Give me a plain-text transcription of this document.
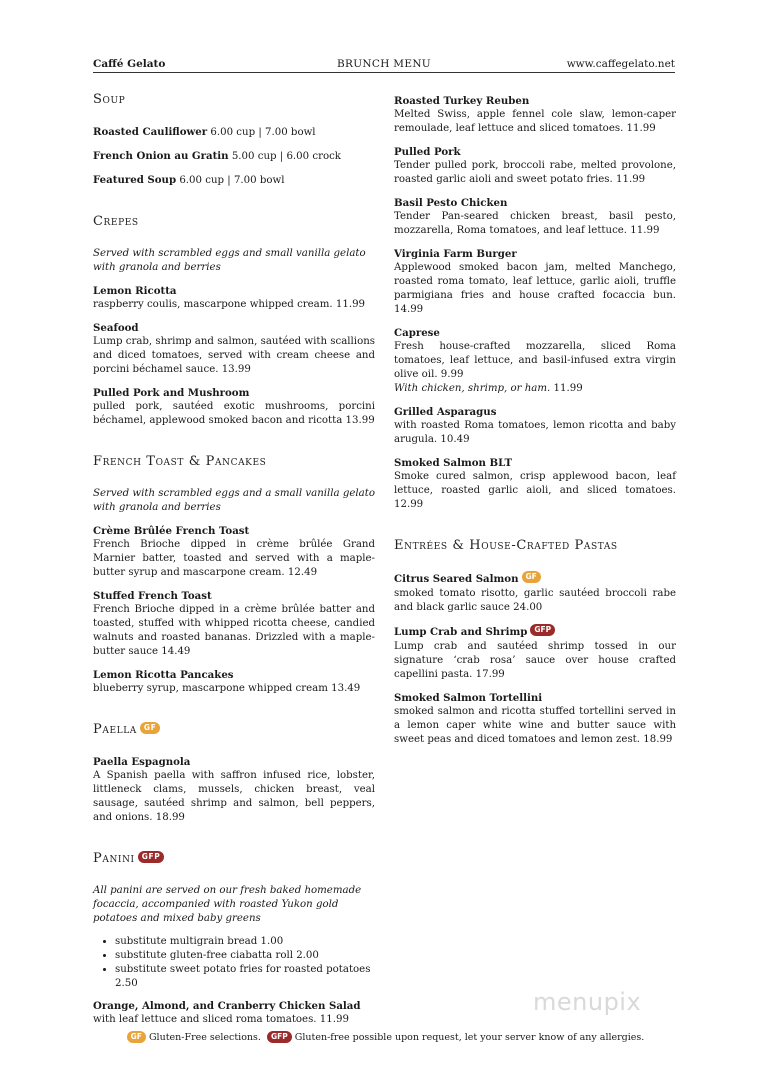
Caffé Gelato	BRUNCH MENU	www.caffegelato.net
Soup
Roasted Cauliflower 6.00 cup | 7.00 bowl
French Onion au Gratin 5.00 cup | 6.00 crock
Featured Soup 6.00 cup | 7.00 bowl
Crepes
Served with scrambled eggs and small vanilla gelato with granola and berries
Lemon Ricotta
raspberry coulis, mascarpone whipped cream. 11.99
Seafood
Lump crab, shrimp and salmon, sautéed with scallions and diced tomatoes, served with cream cheese and porcini béchamel sauce. 13.99
Pulled Pork and Mushroom
pulled pork, sautéed exotic mushrooms, porcini béchamel, applewood smoked bacon and ricotta 13.99
French Toast & Pancakes
Served with scrambled eggs and a small vanilla gelato with granola and berries
Crème Brûlée French Toast
French Brioche dipped in crème brûlée Grand Marnier batter, toasted and served with a maple-butter syrup and mascarpone cream. 12.49
Stuffed French Toast
French Brioche dipped in a crème brûlée batter and toasted, stuffed with whipped ricotta cheese, candied walnuts and roasted bananas. Drizzled with a maple-butter sauce 14.49
Lemon Ricotta Pancakes
blueberry syrup, mascarpone whipped cream 13.49
Paella GF
Paella Espagnola
A Spanish paella with saffron infused rice, lobster, littleneck clams, mussels, chicken breast, veal sausage, sautéed shrimp and salmon, bell peppers, and onions. 18.99
Panini GFP
All panini are served on our fresh baked homemade focaccia, accompanied with roasted Yukon gold potatoes and mixed baby greens
• substitute multigrain bread 1.00
• substitute gluten-free ciabatta roll 2.00
• substitute sweet potato fries for roasted potatoes 2.50
Orange, Almond, and Cranberry Chicken Salad
with leaf lettuce and sliced roma tomatoes. 11.99
Roasted Turkey Reuben
Melted Swiss, apple fennel cole slaw, lemon-caper remoulade, leaf lettuce and sliced tomatoes. 11.99
Pulled Pork
Tender pulled pork, broccoli rabe, melted provolone, roasted garlic aioli and sweet potato fries. 11.99
Basil Pesto Chicken
Tender Pan-seared chicken breast, basil pesto, mozzarella, Roma tomatoes, and leaf lettuce. 11.99
Virginia Farm Burger
Applewood smoked bacon jam, melted Manchego, roasted roma tomato, leaf lettuce, garlic aioli, truffle parmigiana fries and house crafted focaccia bun. 14.99
Caprese
Fresh house-crafted mozzarella, sliced Roma tomatoes, leaf lettuce, and basil-infused extra virgin olive oil. 9.99
With chicken, shrimp, or ham. 11.99
Grilled Asparagus
with roasted Roma tomatoes, lemon ricotta and baby arugula. 10.49
Smoked Salmon BLT
Smoke cured salmon, crisp applewood bacon, leaf lettuce, roasted garlic aioli, and sliced tomatoes. 12.99
Entrées & House-Crafted Pastas
Citrus Seared Salmon GF
smoked tomato risotto, garlic sautéed broccoli rabe and black garlic sauce 24.00
Lump Crab and Shrimp GFP
Lump crab and sautéed shrimp tossed in our signature ‘crab rosa’ sauce over house crafted capellini pasta. 17.99
Smoked Salmon Tortellini
smoked salmon and ricotta stuffed tortellini served in a lemon caper white wine and butter sauce with sweet peas and diced tomatoes and lemon zest. 18.99
menupix
GF Gluten-Free selections. GFP Gluten-free possible upon request, let your server know of any allergies.
